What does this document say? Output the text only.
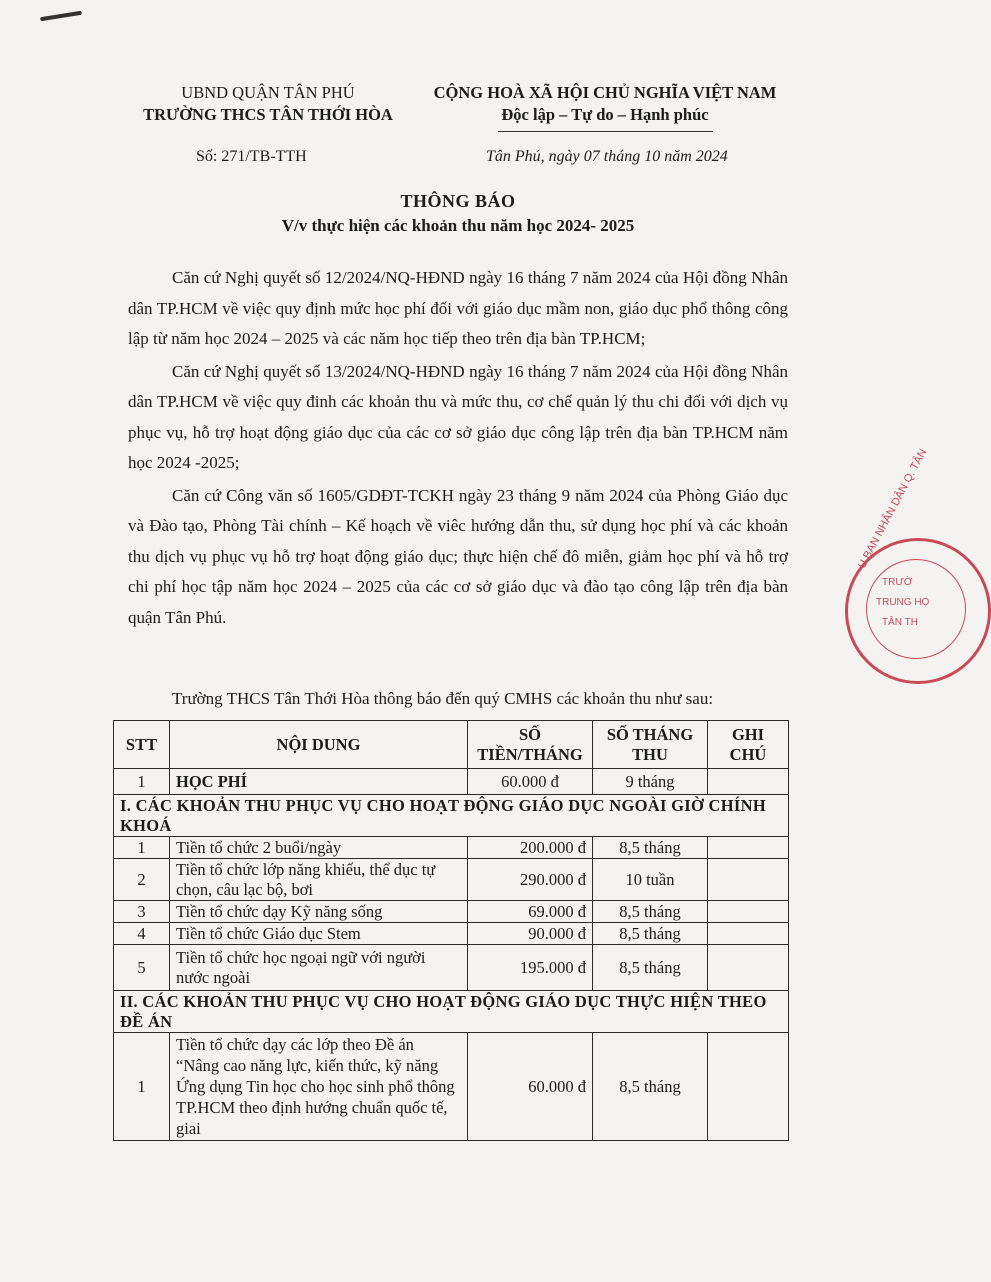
UBND QUẬN TÂN PHÚ
TRƯỜNG THCS TÂN THỚI HÒA
CỘNG HOÀ XÃ HỘI CHỦ NGHĨA VIỆT NAM
Độc lập – Tự do – Hạnh phúc
Số: 271/TB-TTH	Tân Phú, ngày 07 tháng 10 năm 2024
THÔNG BÁO
V/v thực hiện các khoản thu năm học 2024- 2025

Căn cứ Nghị quyết số 12/2024/NQ-HĐND ngày 16 tháng 7 năm 2024 của Hội đồng Nhân dân TP.HCM về việc quy định mức học phí đối với giáo dục mầm non, giáo dục phổ thông công lập từ năm học 2024 – 2025 và các năm học tiếp theo trên địa bàn TP.HCM;

Căn cứ Nghị quyết số 13/2024/NQ-HĐND ngày 16 tháng 7 năm 2024 của Hội đồng Nhân dân TP.HCM về việc quy đinh các khoản thu và mức thu, cơ chế quản lý thu chi đối với dịch vụ phục vụ, hỗ trợ hoạt động giáo dục của các cơ sở giáo dục công lập trên địa bàn TP.HCM năm học 2024 -2025;

Căn cứ Công văn số 1605/GDĐT-TCKH ngày 23 tháng 9 năm 2024 của Phòng Giáo dục và Đào tạo, Phòng Tài chính – Kế hoạch về viêc hướng dẫn thu, sử dụng học phí và các khoản thu dịch vụ phục vụ hỗ trợ hoạt động giáo dục; thực hiện chế đô miễn, giảm học phí và hỗ trợ chi phí học tập năm học 2024 – 2025 của các cơ sở giáo dục và đào tạo công lập trên địa bàn quận Tân Phú.

Trường THCS Tân Thới Hòa thông báo đến quý CMHS các khoản thu như sau:
STT	NỘI DUNG	SỐ TIỀN/THÁNG	SỐ THÁNG THU	GHI CHÚ
1	HỌC PHÍ	60.000 đ	9 tháng	
I. CÁC KHOẢN THU PHỤC VỤ CHO HOẠT ĐỘNG GIÁO DỤC NGOÀI GIỜ CHÍNH KHOÁ				
1	Tiền tổ chức 2 buổi/ngày	200.000 đ	8,5 tháng	
2	Tiền tổ chức lớp năng khiếu, thể dục tự chọn, câu lạc bộ, bơi	290.000 đ	10 tuần	
3	Tiền tổ chức dạy Kỹ năng sống	69.000 đ	8,5 tháng	
4	Tiền tổ chức Giáo dục Stem	90.000 đ	8,5 tháng	
5	Tiền tổ chức học ngoại ngữ với người nước ngoài	195.000 đ	8,5 tháng	
II. CÁC KHOẢN THU PHỤC VỤ CHO HOẠT ĐỘNG GIÁO DỤC THỰC HIỆN THEO ĐỀ ÁN				
1	Tiền tổ chức dạy các lớp theo Đề án “Nâng cao năng lực, kiến thức, kỹ năng Ứng dụng Tin học cho học sinh phổ thông TP.HCM theo định hướng chuẩn quốc tế, giai	60.000 đ	8,5 tháng	
U BAN NHÂN DÂN Q. TÂN
TRƯỜ
TRUNG HỌ
TÂN TH
